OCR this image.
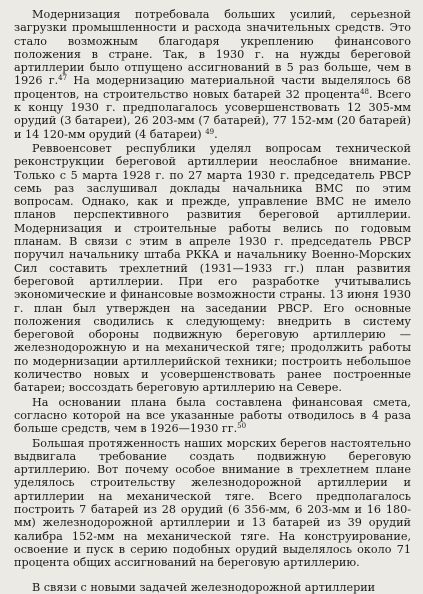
Модернизация потребовала больших усилий, серьезной загрузки промышленности и расхода значительных средств. Это стало возможным благодаря укреплению финансового положения в стране. Так, в 1930 г. на нужды береговой артиллерии было отпущено ассигнований в 5 раз больше, чем в 1926 г.$^{47}$ На модернизацию материальной части выделялось 68 процентов, на строительство новых батарей 32 процента$^{48}$. Всего к концу 1930 г. предполагалось усовершенствовать 12 305-мм орудий (3 батареи), 26 203-мм (7 батарей), 77 152-мм (20 батарей) и 14 120-мм орудий (4 батареи) $^{49}$.

Реввоенсовет республики уделял вопросам технической реконструкции береговой артиллерии неослабное внимание. Только с 5 марта 1928 г. по 27 марта 1930 г. председатель РВСР семь раз заслушивал доклады начальника ВМС по этим вопросам. Однако, как и прежде, управление ВМС не имело планов перспективного развития береговой артиллерии. Модернизация и строительные работы велись по годовым планам. В связи с этим в апреле 1930 г. председатель РВСР поручил начальнику штаба РККА и начальнику Военно-Морских Сил составить трехлетний (1931—1933 гг.) план развития береговой артиллерии. При его разработке учитывались экономические и финансовые возможности страны. 13 июня 1930 г. план был утвержден на заседании РВСР. Его основные положения сводились к следующему: внедрить в систему береговой обороны подвижную береговую артиллерию — железнодорожную и на механической тяге; продолжить работы по модернизации артиллерийской техники; построить небольшое количество новых и усовершенствовать ранее построенные батареи; воссоздать береговую артиллерию на Севере.

На основании плана была составлена финансовая смета, согласно которой на все указанные работы отводилось в 4 раза больше средств, чем в 1926—1930 гг.$^{50}$

Большая протяженность наших морских берегов настоятельно выдвигала требование создать подвижную береговую артиллерию. Вот почему особое внимание в трехлетнем плане уделялось строительству железнодорожной артиллерии и артиллерии на механической тяге. Всего предполагалось построить 7 батарей из 28 орудий (6 356-мм, 6 203-мм и 16 180-мм) железнодорожной артиллерии и 13 батарей из 39 орудий калибра 152-мм на механической тяге. На конструирование, освоение и пуск в серию подобных орудий выделялось около 71 процента общих ассигнований на береговую артиллерию.

В связи с новыми задачей железнодорожной артиллерии
